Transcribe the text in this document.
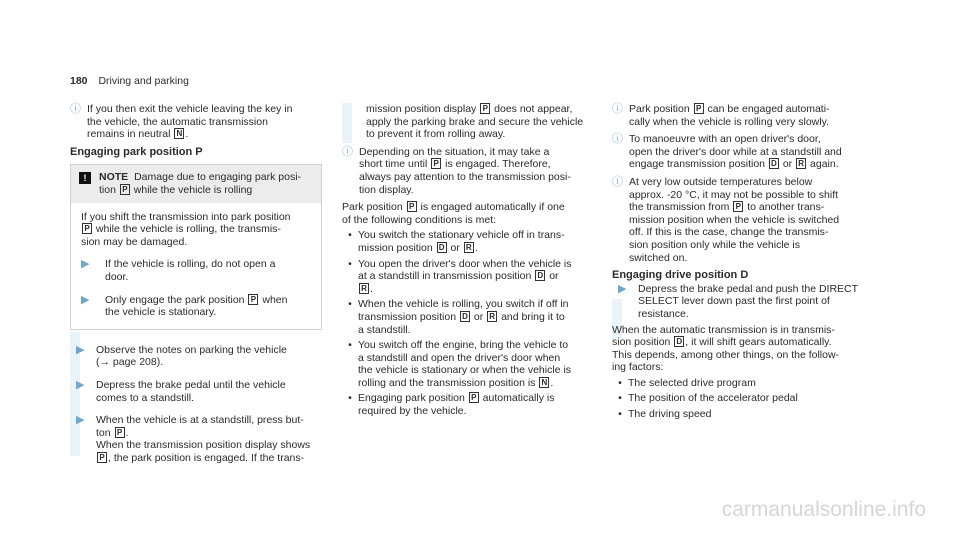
180 Driving and parking
ⓘ If you then exit the vehicle leaving the key in
the vehicle, the automatic transmission
remains in neutral N .

Engaging park position P
!	NOTE Damage due to engaging park posi-
tion P while the vehicle is rolling

If you shift the transmission into park position
P while the vehicle is rolling, the transmis-
sion may be damaged.

▶	If the vehicle is rolling, do not open a
door.

▶	Only engage the park position P when
the vehicle is stationary.

▶	Observe the notes on parking the vehicle
(→ page 208).

▶	Depress the brake pedal until the vehicle
comes to a standstill.

▶	When the vehicle is at a standstill, press but-
ton P .
When the transmission position display shows
P , the park position is engaged. If the trans-

mission position display P does not appear,
apply the parking brake and secure the vehicle
to prevent it from rolling away.

ⓘ Depending on the situation, it may take a
short time until P is engaged. Therefore,
always pay attention to the transmission posi-
tion display.

Park position P is engaged automatically if one
of the following conditions is met:

• You switch the stationary vehicle off in trans-
mission position D or R .

• You open the driver's door when the vehicle is
at a standstill in transmission position D or
R .

• When the vehicle is rolling, you switch if off in
transmission position D or R and bring it to
a standstill.

• You switch off the engine, bring the vehicle to
a standstill and open the driver's door when
the vehicle is stationary or when the vehicle is
rolling and the transmission position is N .

• Engaging park position P automatically is
required by the vehicle.

ⓘ Park position P can be engaged automati-
cally when the vehicle is rolling very slowly.

ⓘ To manoeuvre with an open driver's door,
open the driver's door while at a standstill and
engage transmission position D or R again.

ⓘ At very low outside temperatures below
approx. -20 °C, it may not be possible to shift
the transmission from P to another trans-
mission position when the vehicle is switched
off. If this is the case, change the transmis-
sion position only while the vehicle is
switched on.

Engaging drive position D
▶	Depress the brake pedal and push the DIRECT
SELECT lever down past the first point of
resistance.

When the automatic transmission is in transmis-
sion position D , it will shift gears automatically.
This depends, among other things, on the follow-
ing factors:

• The selected drive program
• The position of the accelerator pedal
• The driving speed
carmanualsonline.info
